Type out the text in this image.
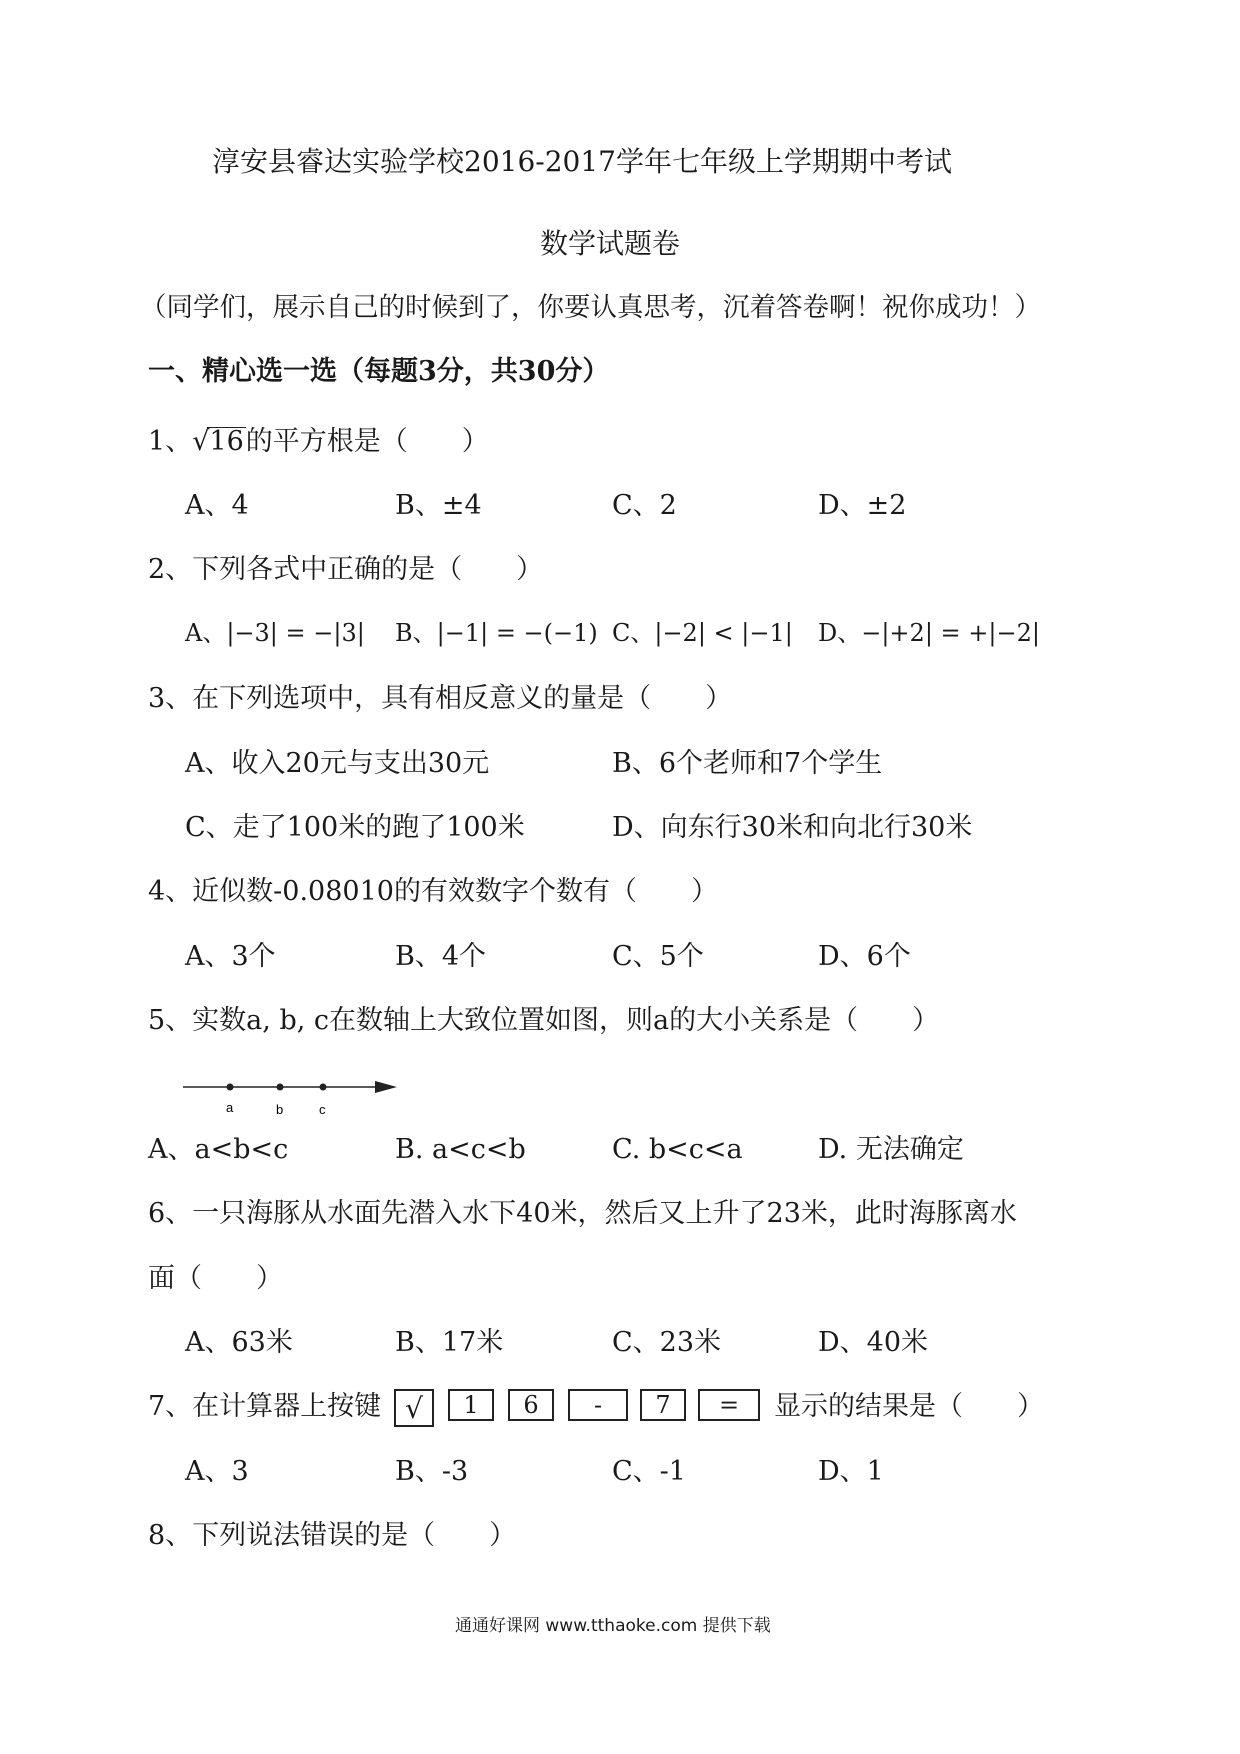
淳安县睿达实验学校2016-2017学年七年级上学期期中考试
数学试题卷
（同学们，展示自己的时候到了，你要认真思考，沉着答卷啊！祝你成功！）
一、精心选一选（每题3分，共30分）
1、√16的平方根是（　　）
A、4	B、±4	C、2	D、±2
2、下列各式中正确的是（　　）
A、|−3| = −|3| B、|−1| = −(−1) C、|−2| < |−1| D、−|+2| = +|−2|
3、在下列选项中，具有相反意义的量是（　　）
A、收入20元与支出30元	B、6个老师和7个学生
C、走了100米的跑了100米	D、向东行30米和向北行30米
4、近似数-0.08010的有效数字个数有（　　）
A、3个	B、4个	C、5个	D、6个
5、实数a, b, c在数轴上大致位置如图，则a的大小关系是（　　）
a	b	c
A、a<b<c	B. a<c<b	C. b<c<a	D. 无法确定
6、一只海豚从水面先潜入水下40米，然后又上升了23米，此时海豚离水
面（　　）
A、63米	B、17米	C、23米	D、40米
7、在计算器上按键 √	1	6	-	7	=	显示的结果是（　　）
A、3	B、-3	C、-1	D、1
8、下列说法错误的是（　　）
通通好课网 www.tthaoke.com 提供下载
